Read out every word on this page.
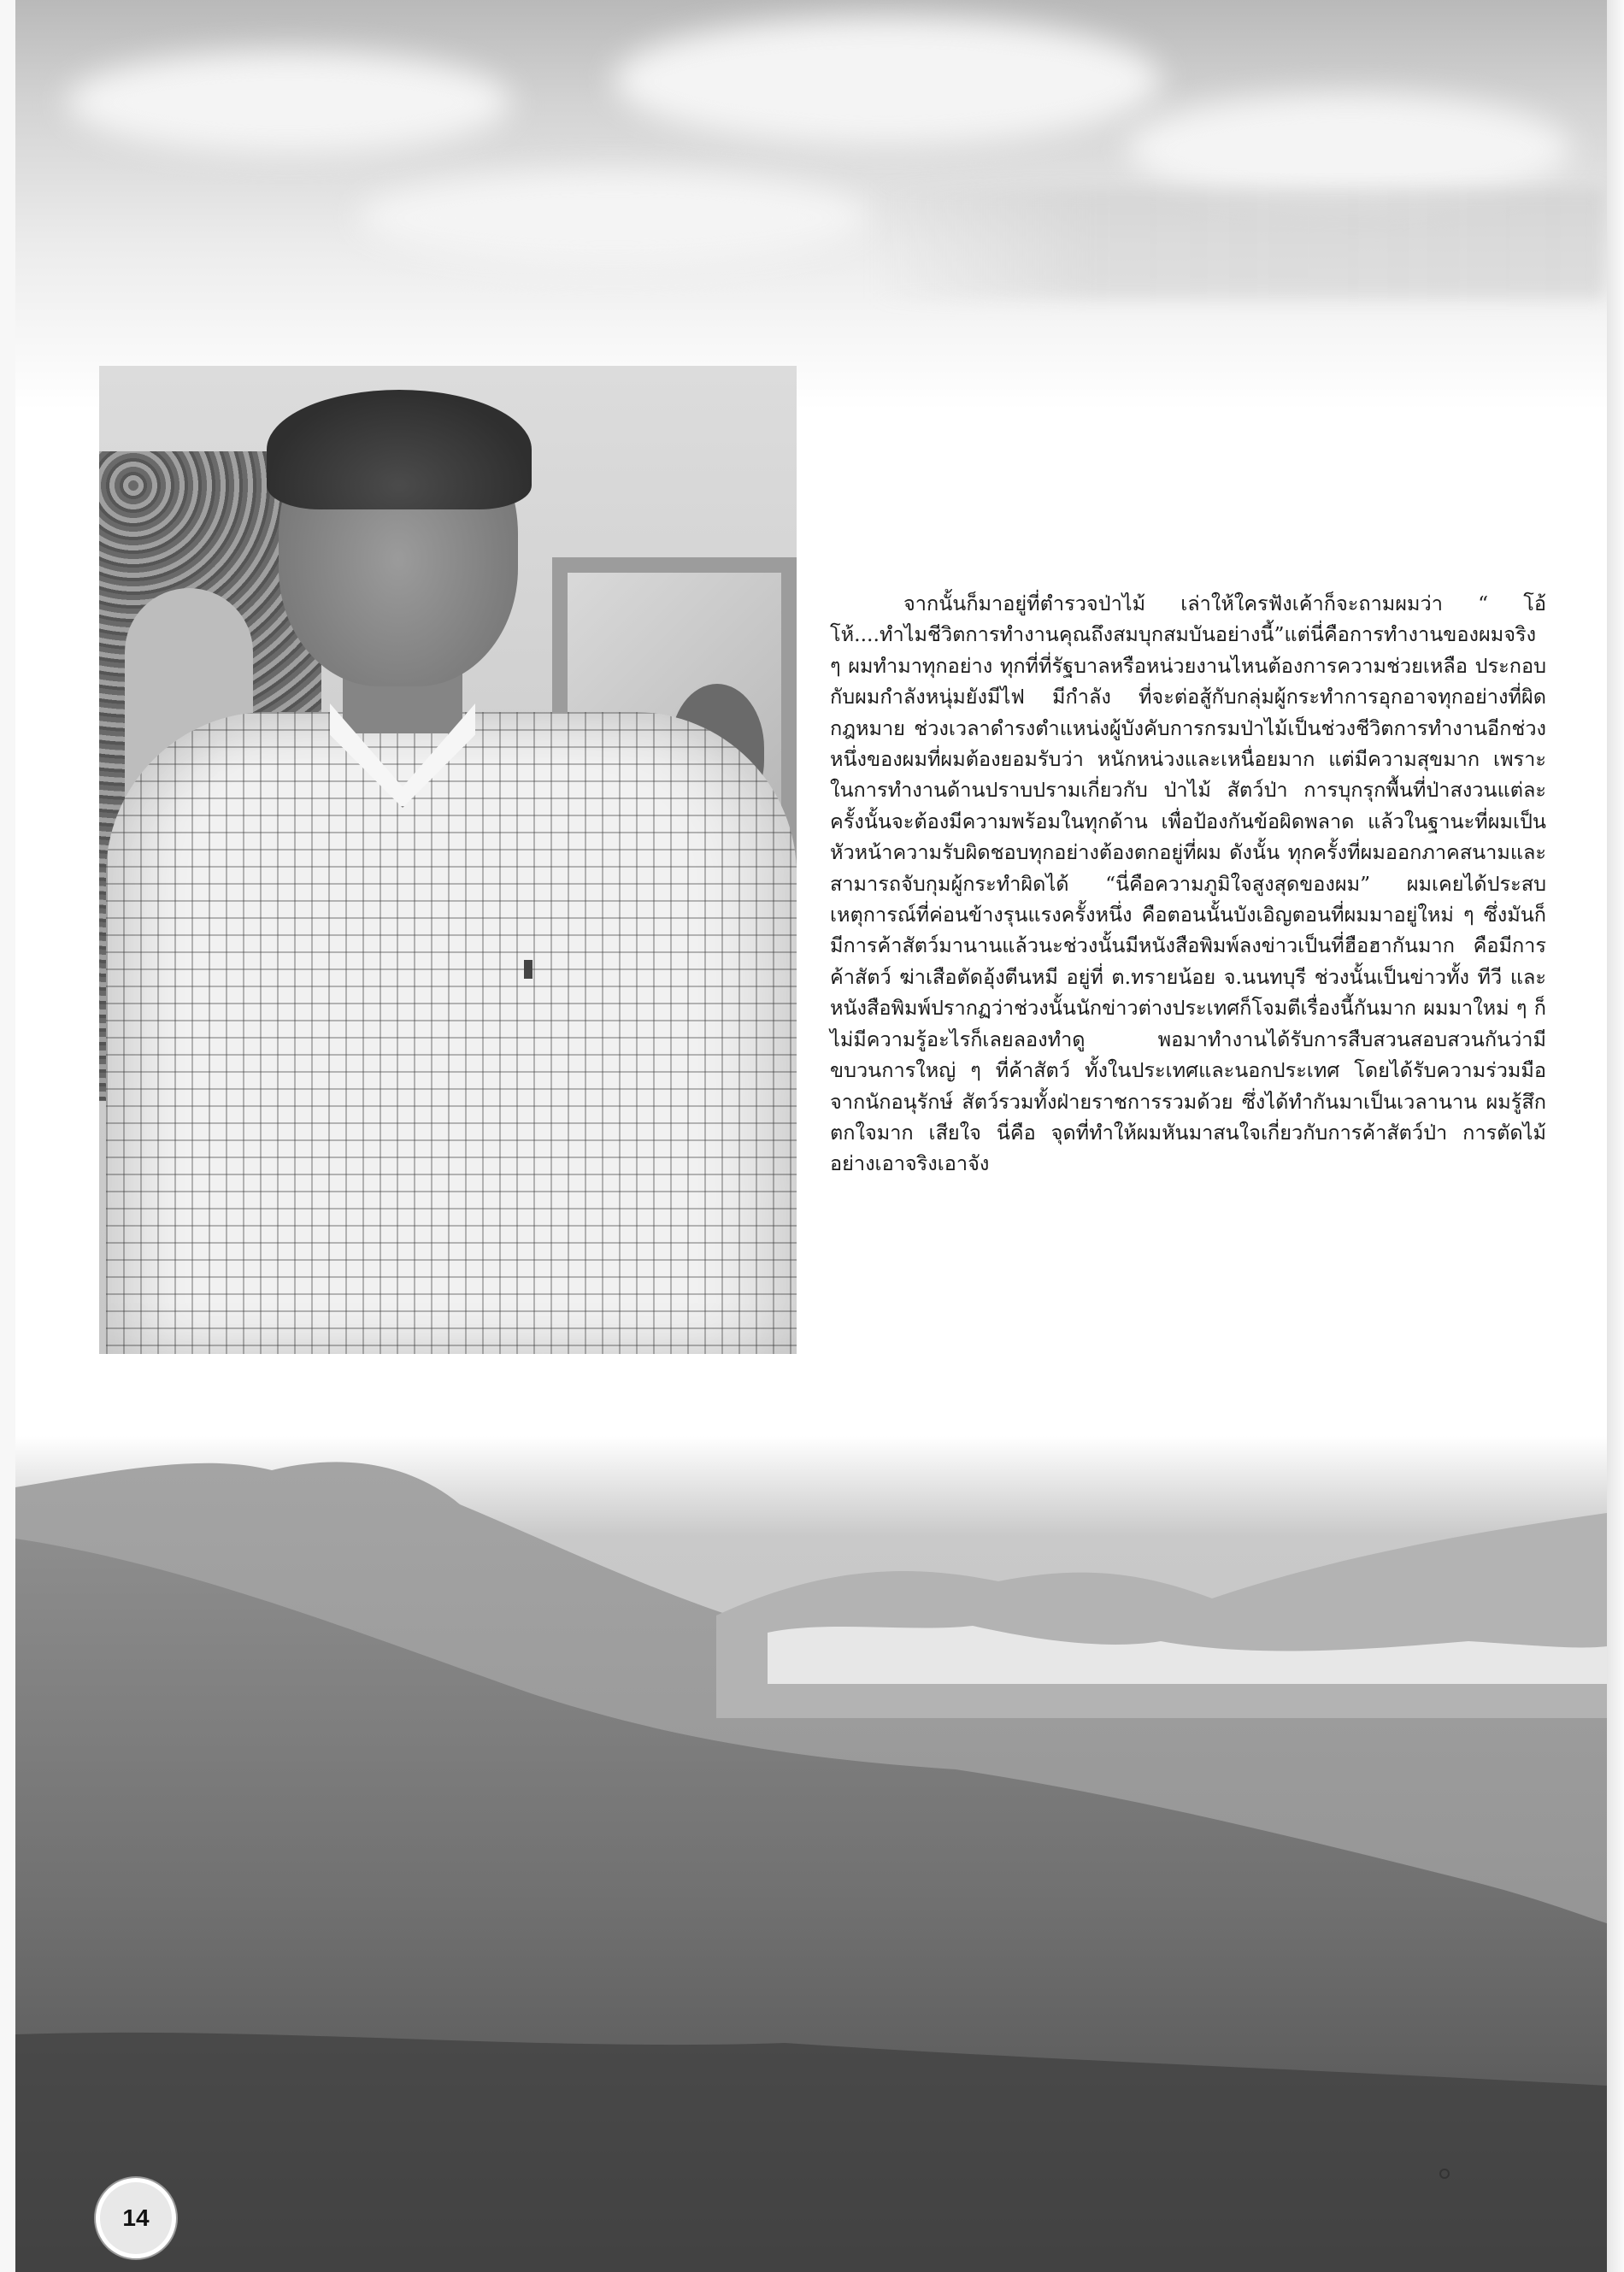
จากนั้นก็มาอยู่ที่ตำรวจป่าไม้ เล่าให้ใครฟังเค้าก็จะถามผมว่า “ โอ้โห้....ทำไมชีวิตการทำงานคุณถึงสมบุกสมบันอย่างนี้”แต่นี่คือการทำงานของผมจริง ๆ ผมทำมาทุกอย่าง ทุกที่ที่รัฐบาลหรือหน่วยงานไหนต้องการความช่วยเหลือ ประกอบกับผมกำลังหนุ่มยังมีไฟ มีกำลัง ที่จะต่อสู้กับกลุ่มผู้กระทำการอุกอาจทุกอย่างที่ผิดกฎหมาย ช่วงเวลาดำรงตำแหน่งผู้บังคับการกรมป่าไม้เป็นช่วงชีวิตการทำงานอีกช่วงหนึ่งของผมที่ผมต้องยอมรับว่า หนักหน่วงและเหนื่อยมาก แต่มีความสุขมาก เพราะในการทำงานด้านปราบปรามเกี่ยวกับ ป่าไม้ สัตว์ป่า การบุกรุกพื้นที่ป่าสงวนแต่ละครั้งนั้นจะต้องมีความพร้อมในทุกด้าน เพื่อป้องกันข้อผิดพลาด แล้วในฐานะที่ผมเป็นหัวหน้าความรับผิดชอบทุกอย่างต้องตกอยู่ที่ผม ดังนั้น ทุกครั้งที่ผมออกภาคสนามและสามารถจับกุมผู้กระทำผิดได้ “นี่คือความภูมิใจสูงสุดของผม” ผมเคยได้ประสบเหตุการณ์ที่ค่อนข้างรุนแรงครั้งหนึ่ง คือตอนนั้นบังเอิญตอนที่ผมมาอยู่ใหม่ ๆ ซึ่งมันก็มีการค้าสัตว์มานานแล้วนะช่วงนั้นมีหนังสือพิมพ์ลงข่าวเป็นที่ฮือฮากันมาก คือมีการค้าสัตว์ ฆ่าเสือตัดอุ้งตีนหมี อยู่ที่ ต.ทรายน้อย จ.นนทบุรี ช่วงนั้นเป็นข่าวทั้ง ทีวี และหนังสือพิมพ์ปรากฏว่าช่วงนั้นนักข่าวต่างประเทศก็โจมตีเรื่องนี้กันมาก ผมมาใหม่ ๆ ก็ไม่มีความรู้อะไรก็เลยลองทำดู พอมาทำงานได้รับการสืบสวนสอบสวนกันว่ามีขบวนการใหญ่ ๆ ที่ค้าสัตว์ ทั้งในประเทศและนอกประเทศ โดยได้รับความร่วมมือจากนักอนุรักษ์ สัตว์รวมทั้งฝ่ายราชการรวมด้วย ซึ่งได้ทำกันมาเป็นเวลานาน ผมรู้สึกตกใจมาก เสียใจ นี่คือ จุดที่ทำให้ผมหันมาสนใจเกี่ยวกับการค้าสัตว์ป่า การตัดไม้อย่างเอาจริงเอาจัง

14
